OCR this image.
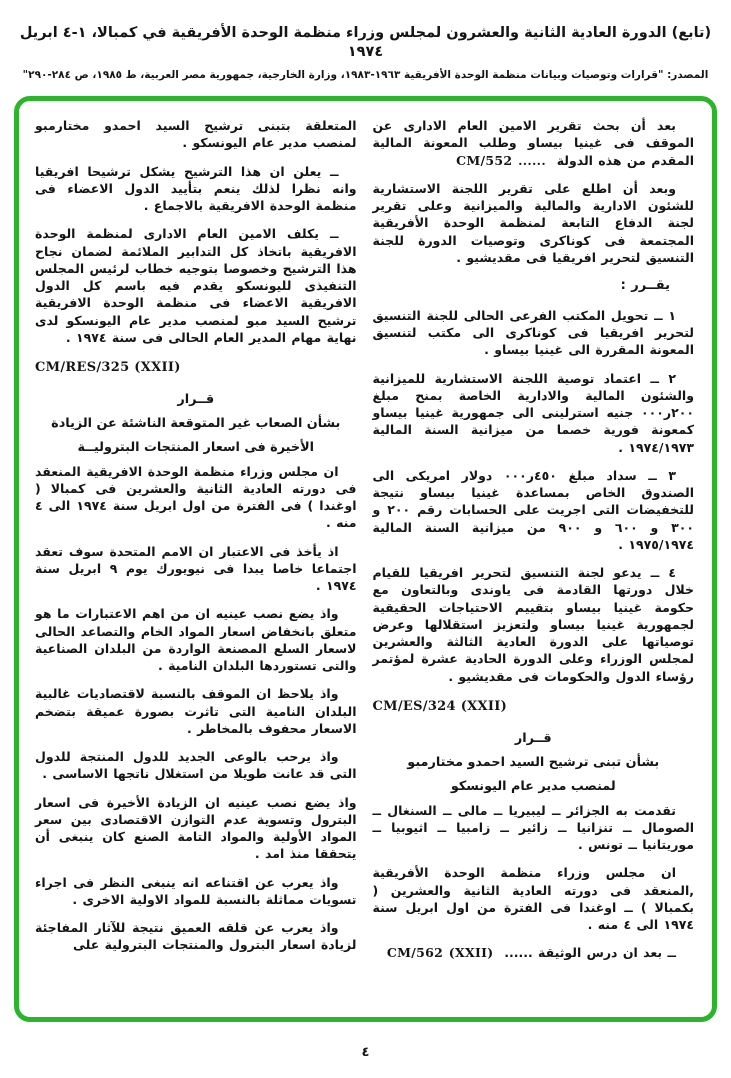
(تابع) الدورة العادية الثانية والعشرون لمجلس وزراء منظمة الوحدة الأفريقية في كمبالا، ١-٤ ابريل ١٩٧٤
المصدر: "قرارات وتوصيات وبيانات منظمة الوحدة الأفريقية ١٩٦٣-١٩٨٣، وزارة الخارجية، جمهورية مصر العربية، ط ١٩٨٥، ص ٢٨٤-٢٩٠"
بعد أن بحث تقرير الامين العام الادارى عن الموقف فى غينيا بيساو وطلب المعونة المالية المقدم من هذه الدولة  CM/552 ......
وبعد أن اطلع على تقرير اللجنة الاستشارية للشئون الادارية والمالية والميزانية وعلى تقرير لجنة الدفاع التابعة لمنظمة الوحدة الأفريقية المجتمعة فى كوناكرى وتوصيات الدورة للجنة التنسيق لتحرير افريقيا فى مقديشيو .
يقــرر :
١ ــ تحويل المكتب الفرعى الحالى للجنة التنسيق لتحرير افريقيا فى كوناكرى الى مكتب لتنسيق المعونة المقررة الى غينيا بيساو .
٢ ــ اعتماد توصية اللجنة الاستشارية للميزانية والشئون المالية والادارية الخاصة بمنح مبلغ ٢٠٠ر٠٠٠ جنيه استرلينى الى جمهورية غينيا بيساو كمعونة فورية خصما من ميزانية السنة المالية ١٩٧٤/١٩٧٣ .
٣ ــ سداد مبلغ ٤٥٠ر٠٠٠ دولار امريكى الى الصندوق الخاص بمساعدة غينيا بيساو نتيجة للتخفيضات التى اجريت على الحسابات رقم ٢٠٠ و ٣٠٠ و ٦٠٠ و ٩٠٠ من ميزانية السنة المالية ١٩٧٥/١٩٧٤ .
٤ ــ يدعو لجنة التنسيق لتحرير افريقيا للقيام خلال دورتها القادمة فى ياوندى وبالتعاون مع حكومة غينيا بيساو بتقييم الاحتياجات الحقيقية لجمهورية غينيا بيساو ولتعزيز استقلالها وعرض توصياتها على الدورة العادية الثالثة والعشرين لمجلس الوزراء وعلى الدورة الحادية عشرة لمؤتمر رؤساء الدول والحكومات فى مقديشيو .
CM/ES/324 (XXII)
قــرار
بشأن تبنى ترشيح السيد احمدو مختارمبو
لمنصب مدير عام اليونسكو
تقدمت به الجزائر ــ ليبيريا ــ مالى ــ السنغال ــ الصومال ــ تنزانيا ــ زائير ــ زامبيا ــ اثيوبيا ــ موريتانيا ــ تونس .
ان مجلس وزراء منظمة الوحدة الأفريقية ,المنعقد فى دورته العادية الثانية والعشرين ( بكمبالا ) ــ اوغندا فى الفترة من اول ابريل سنة ١٩٧٤ الى ٤ منه .
ــ بعد ان درس الوثيقة ......  CM/562 (XXII)
المتعلقة بتبنى ترشيح السيد احمدو مختارمبو لمنصب مدير عام اليونسكو .
ــ يعلن ان هذا الترشيح يشكل ترشيحا افريقيا وانه نظرا لذلك ينعم بتأييد الدول الاعضاء فى منظمة الوحدة الافريقية بالاجماع .
ــ يكلف الامين العام الادارى لمنظمة الوحدة الافريقية باتخاذ كل التدابير الملائمة لضمان نجاح هذا الترشيح وخصوصا بتوجيه خطاب لرئيس المجلس التنفيذى لليونسكو يقدم فيه باسم كل الدول الافريقية الاعضاء فى منظمة الوحدة الافريقية ترشيح السيد مبو لمنصب مدير عام اليونسكو لدى نهاية مهام المدير العام الحالى فى سنة ١٩٧٤ .
CM/RES/325 (XXII)
قــرار
بشأن الصعاب غير المتوقعة الناشئة عن الزيادة
الأخيرة فى اسعار المنتجات البتروليــة
ان مجلس وزراء منظمة الوحدة الافريقية المنعقد فى دورته العادية الثانية والعشرين فى كمبالا ( اوغندا ) فى الفترة من اول ابريل سنة ١٩٧٤ الى ٤ منه .
اذ يأخذ فى الاعتبار ان الامم المتحدة سوف تعقد اجتماعا خاصا يبدا فى نيويورك يوم ٩ ابريل سنة ١٩٧٤ .
واذ يضع نصب عينيه ان من اهم الاعتبارات ما هو متعلق بانخفاض اسعار المواد الخام والتصاعد الحالى لاسعار السلع المصنعة الواردة من البلدان الصناعية والتى تستوردها البلدان النامية .
واذ يلاحظ ان الموقف بالنسبة لاقتصاديات غالبية البلدان النامية التى تاثرت بصورة عميقة بتضخم الاسعار محفوف بالمخاطر .
واذ يرحب بالوعى الجديد للدول المنتجة للدول التى قد عانت طويلا من استغلال ناتجها الاساسى .
واذ يضع نصب عينيه ان الزيادة الأخيرة فى اسعار البترول وتسوية عدم التوازن الاقتصادى بين سعر المواد الأولية والمواد التامة الصنع كان ينبغى أن يتحققا منذ امد .
واذ يعرب عن اقتناعه انه ينبغى النظر فى اجراء تسويات مماثلة بالنسبة للمواد الاولية الاخرى .
واذ يعرب عن قلقه العميق نتيجة للآثار المفاجئة لزيادة اسعار البترول والمنتجات البترولية على
٤
